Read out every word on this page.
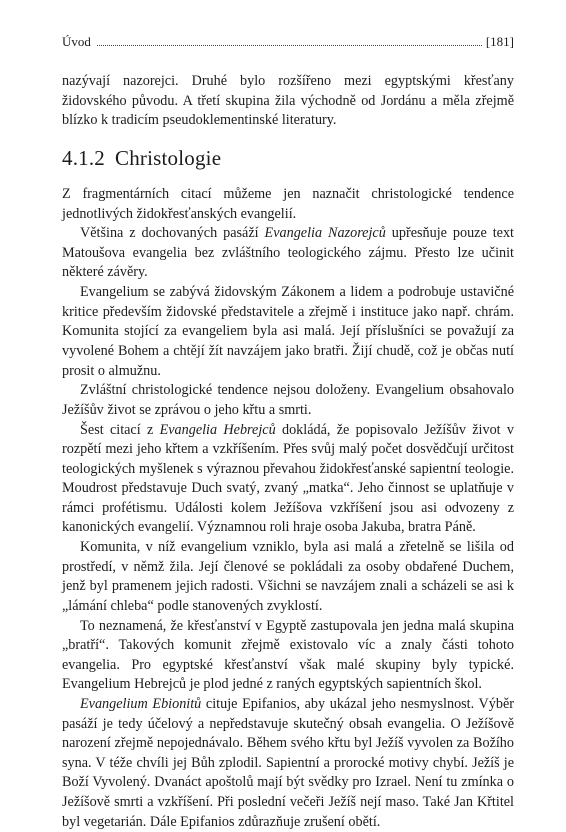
Úvod	[181]

nazývají nazorejci. Druhé bylo rozšířeno mezi egyptskými křesťany židovského původu. A třetí skupina žila východně od Jordánu a měla zřejmě blízko k tradicím pseudoklementinské literatury.

4.1.2 Christologie

Z fragmentárních citací můžeme jen naznačit christologické tendence jednotlivých židokřesťanských evangelií.

Většina z dochovaných pasáží Evangelia Nazorejců upřesňuje pouze text Matoušova evangelia bez zvláštního teologického zájmu. Přesto lze učinit některé závěry.

Evangelium se zabývá židovským Zákonem a lidem a podrobuje ustavičné kritice především židovské představitele a zřejmě i instituce jako např. chrám. Komunita stojící za evangeliem byla asi malá. Její příslušníci se považují za vyvolené Bohem a chtějí žít navzájem jako bratři. Žijí chudě, což je občas nutí prosit o almužnu.

Zvláštní christologické tendence nejsou doloženy. Evangelium obsahovalo Ježíšův život se zprávou o jeho křtu a smrti.

Šest citací z Evangelia Hebrejců dokládá, že popisovalo Ježíšův život v rozpětí mezi jeho křtem a vzkříšením. Přes svůj malý počet dosvědčují určitost teologických myšlenek s výraznou převahou židokřesťanské sapientní teologie. Moudrost představuje Duch svatý, zvaný „matka“. Jeho činnost se uplatňuje v rámci profétismu. Události kolem Ježíšova vzkříšení jsou asi odvozeny z kanonických evangelií. Významnou roli hraje osoba Jakuba, bratra Páně.

Komunita, v níž evangelium vzniklo, byla asi malá a zřetelně se lišila od prostředí, v němž žila. Její členové se pokládali za osoby obdařené Duchem, jenž byl pramenem jejich radosti. Všichni se navzájem znali a scházeli se asi k „lámání chleba“ podle stanovených zvyklostí.

To neznamená, že křesťanství v Egyptě zastupovala jen jedna malá skupina „bratří“. Takových komunit zřejmě existovalo víc a znaly části tohoto evangelia. Pro egyptské křesťanství však malé skupiny byly typické. Evangelium Hebrejců je plod jedné z raných egyptských sapientních škol.

Evangelium Ebionitů cituje Epifanios, aby ukázal jeho nesmyslnost. Výběr pasáží je tedy účelový a nepředstavuje skutečný obsah evangelia. O Ježíšově narození zřejmě nepojednávalo. Během svého křtu byl Ježíš vyvolen za Božího syna. V téže chvíli jej Bůh zplodil. Sapientní a prorocké motivy chybí. Ježíš je Boží Vyvolený. Dvanáct apoštolů mají být svědky pro Izrael. Není tu zmínka o Ježíšově smrti a vzkříšení. Při poslední večeři Ježíš nejí maso. Také Jan Křtitel byl vegetarián. Dále Epifanios zdůrazňuje zrušení obětí.
